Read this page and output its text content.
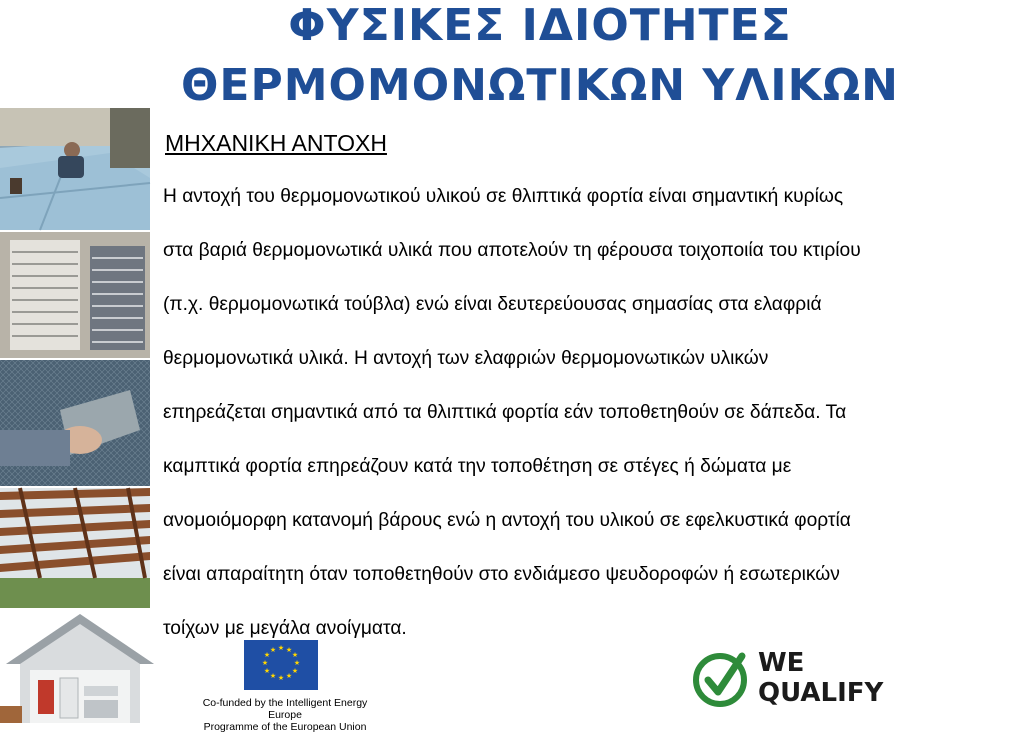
ΦΥΣΙΚΕΣ ΙΔΙΟΤΗΤΕΣ
ΘΕΡΜΟΜΟΝΩΤΙΚΩΝ ΥΛΙΚΩΝ
ΜΗΧΑΝΙΚΗ ΑΝΤΟΧΗ
Η αντοχή του θερμομονωτικού υλικού σε θλιπτικά φορτία είναι σημαντική κυρίως
στα βαριά θερμομονωτικά υλικά που αποτελούν τη φέρουσα τοιχοποιία του κτιρίου
(π.χ. θερμομονωτικά τούβλα) ενώ είναι δευτερεύουσας σημασίας στα ελαφριά
θερμομονωτικά υλικά. Η αντοχή των ελαφριών θερμομονωτικών υλικών
επηρεάζεται σημαντικά από τα θλιπτικά φορτία εάν τοποθετηθούν σε δάπεδα. Τα
καμπτικά φορτία επηρεάζουν κατά την τοποθέτηση σε στέγες ή δώματα με
ανομοιόμορφη κατανομή βάρους ενώ η αντοχή του υλικού σε εφελκυστικά φορτία
είναι απαραίτητη όταν τοποθετηθούν στο ενδιάμεσο ψευδοροφών ή εσωτερικών
τοίχων με μεγάλα ανοίγματα.
★ ★
★
★
★
★
★
★
★
★
★
★
Co-funded by the Intelligent Energy Europe
Programme of the European Union
WE
QUALIFY
